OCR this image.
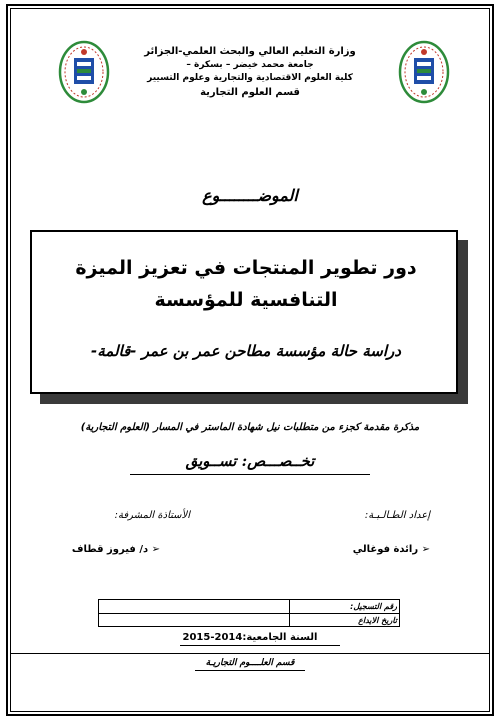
وزارة التعليم العالي والبحث العلمي-الجزائر
جامعة محمد خيضر – بسكرة –
كلية العلوم الاقتصادية والتجارية وعلوم التسيير
قسم العلوم التجارية
الموضــــــــوع
دور تطوير المنتجات في تعزيز الميزة
التنافسية للمؤسسة
دراسة حالة مؤسسة مطاحن عمر بن عمر -قالمة-
مذكرة مقدمة كجزء من متطلبات نيل شهادة الماستر في المسار (العلوم التجارية)
تخــصـــص: تســويق
إعداد الطـالـبـة:
الأستاذة المشرفة:
➢ رائدة فوغالي
➢ د/ فيروز قطاف
رقم التسجيل:
تاريخ الايداع
السنة الجامعية:2014-2015
قسم العلــــوم التجاريـة
